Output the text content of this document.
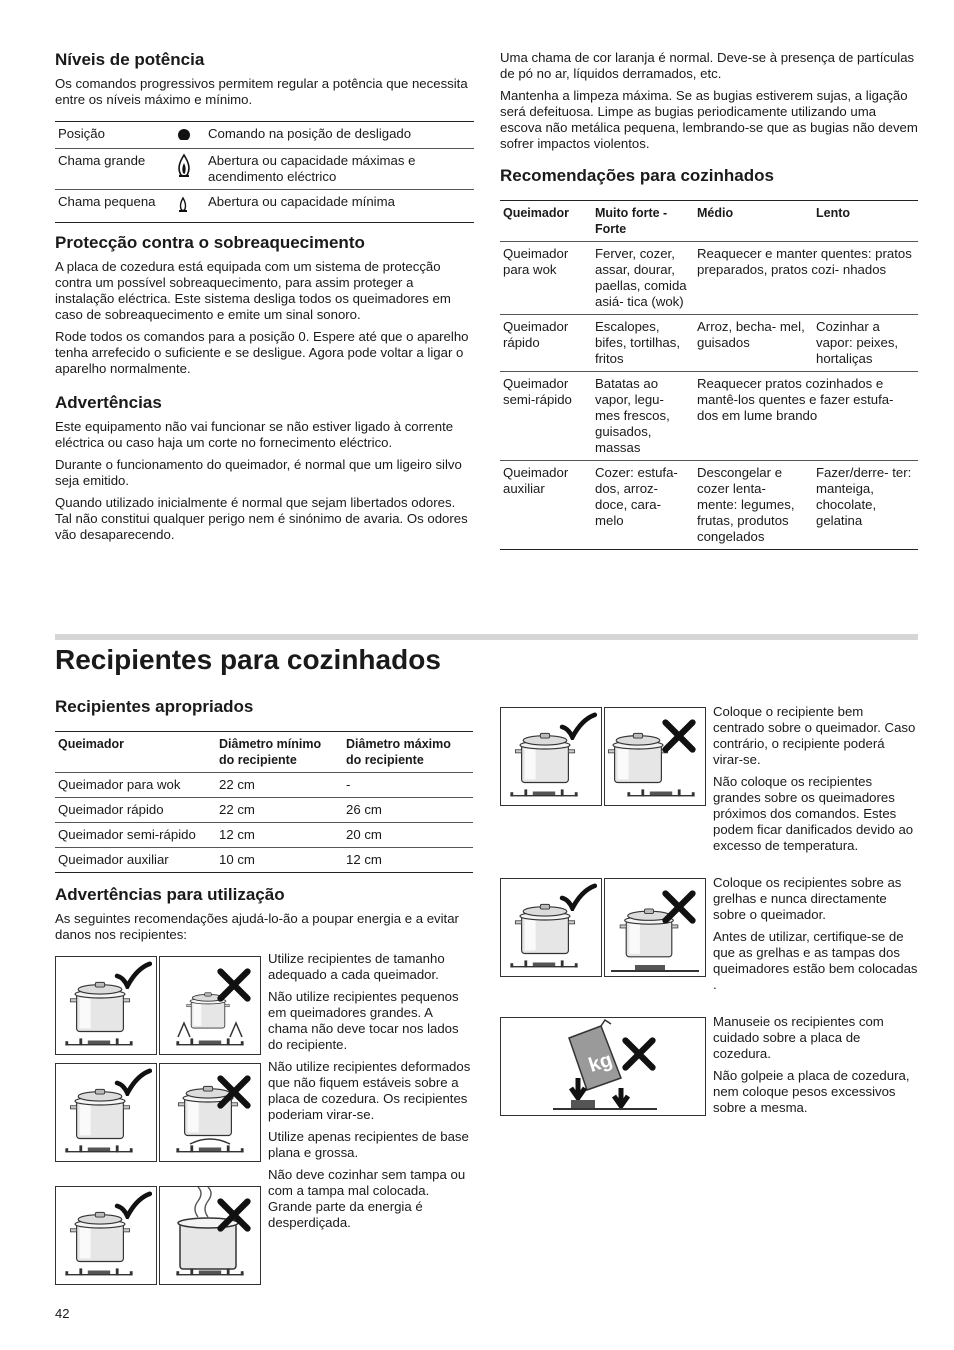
Níveis de potência

Os comandos progressivos permitem regular a potência que necessita entre os níveis máximo e mínimo.

Posição		Comando na posição de desligado
Chama grande		Abertura ou capacidade máximas e acendimento eléctrico
Chama pequena		Abertura ou capacidade mínima

Protecção contra o sobreaquecimento

A placa de cozedura está equipada com um sistema de protecção contra um possível sobreaquecimento, para assim proteger a instalação eléctrica. Este sistema desliga todos os queimadores em caso de sobreaquecimento e emite um sinal sonoro.

Rode todos os comandos para a posição 0. Espere até que o aparelho tenha arrefecido o suficiente e se desligue. Agora pode voltar a ligar o aparelho normalmente.

Advertências

Este equipamento não vai funcionar se não estiver ligado à corrente eléctrica ou caso haja um corte no fornecimento eléctrico.

Durante o funcionamento do queimador, é normal que um ligeiro silvo seja emitido.

Quando utilizado inicialmente é normal que sejam libertados odores. Tal não constitui qualquer perigo nem é sinónimo de avaria. Os odores vão desaparecendo.

Uma chama de cor laranja é normal. Deve-se à presença de partículas de pó no ar, líquidos derramados, etc.

Mantenha a limpeza máxima. Se as bugias estiverem sujas, a ligação será defeituosa. Limpe as bugias periodicamente utilizando uma escova não metálica pequena, lembrando-se que as bugias não devem sofrer impactos violentos.

Recomendações para cozinhados
Queimador	Muito forte - Forte	Médio	Lento
Queimador para wok	Ferver, cozer, assar, dourar, paellas, comida asiá- tica (wok)	Reaquecer e manter quentes: pratos preparados, pratos cozi- nhados	
Queimador rápido	Escalopes, bifes, tortilhas, fritos	Arroz, becha- mel, guisados	Cozinhar a vapor: peixes, hortaliças
Queimador semi-rápido	Batatas ao vapor, legu- mes frescos, guisados, massas	Reaquecer pratos cozinhados e mantê-los quentes e fazer estufa- dos em lume brando	
Queimador auxiliar	Cozer: estufa- dos, arroz- doce, cara- melo	Descongelar e cozer lenta- mente: legumes, frutas, produtos congelados	Fazer/derre- ter: manteiga, chocolate, gelatina
Recipientes para cozinhados
Recipientes apropriados
Queimador	Diâmetro mínimo do recipiente	Diâmetro máximo do recipiente
Queimador para wok	22 cm	-
Queimador rápido	22 cm	26 cm
Queimador semi-rápido	12 cm	20 cm
Queimador auxiliar	10 cm	12 cm
Advertências para utilização

As seguintes recomendações ajudá-lo-ão a poupar energia e a evitar danos nos recipientes:

Utilize recipientes de tamanho adequado a cada queimador.

Não utilize recipientes pequenos em queimadores grandes. A chama não deve tocar nos lados do recipiente.

Não utilize recipientes deformados que não fiquem estáveis sobre a placa de cozedura. Os recipientes poderiam virar-se.

Utilize apenas recipientes de base plana e grossa.

Não deve cozinhar sem tampa ou com a tampa mal colocada. Grande parte da energia é desperdiçada.

kg

Coloque o recipiente bem centrado sobre o queimador. Caso contrário, o recipiente poderá virar-se.

Não coloque os recipientes grandes sobre os queimadores próximos dos comandos. Estes podem ficar danificados devido ao excesso de temperatura.

Coloque os recipientes sobre as grelhas e nunca directamente sobre o queimador.

Antes de utilizar, certifique-se de que as grelhas e as tampas dos queimadores estão bem colocadas .

Manuseie os recipientes com cuidado sobre a placa de cozedura.

Não golpeie a placa de cozedura, nem coloque pesos excessivos sobre a mesma.

42
